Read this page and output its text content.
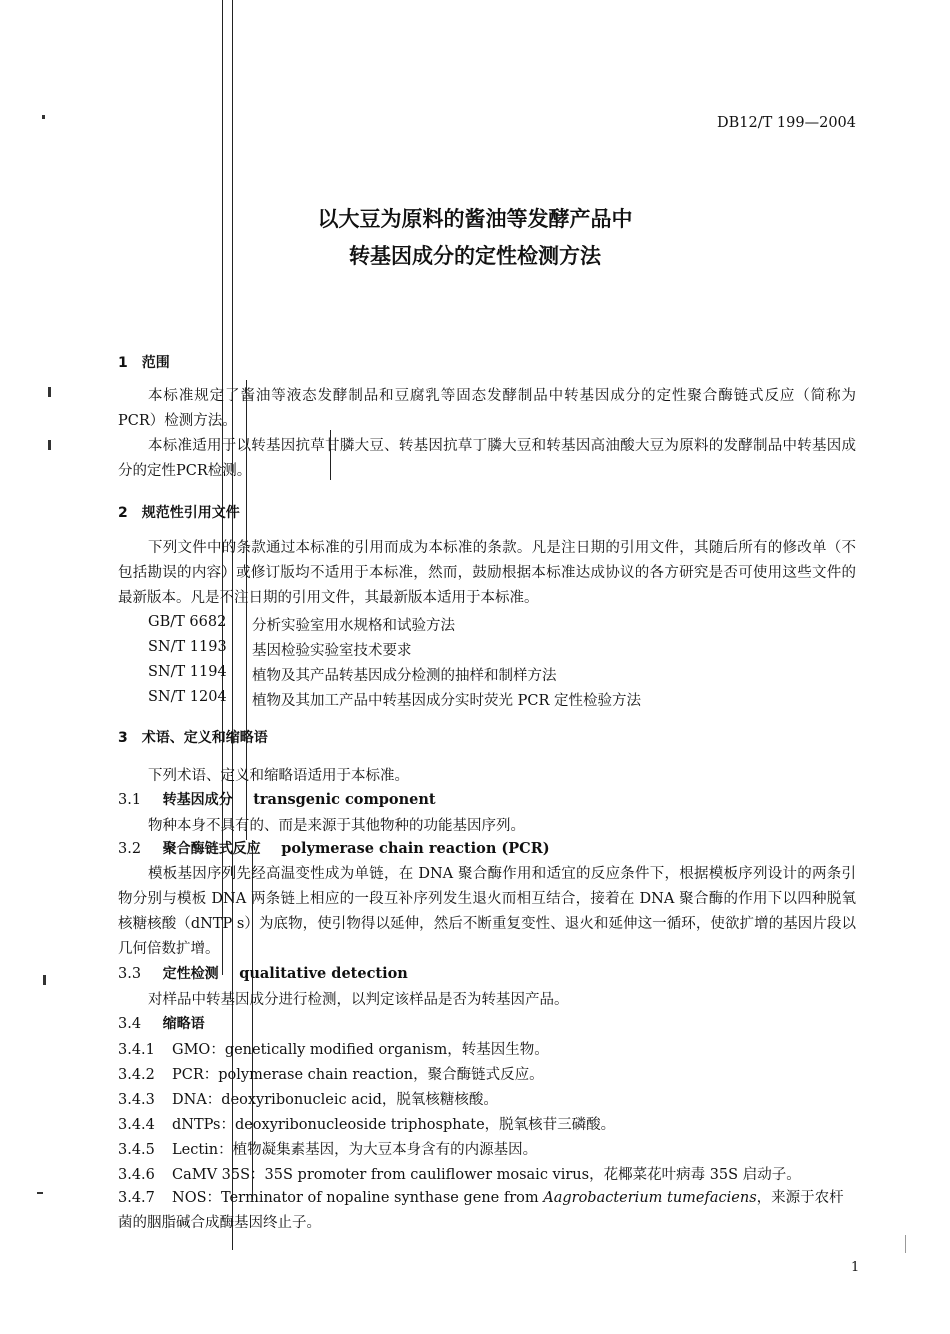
DB12/T 199—2004
以大豆为原料的酱油等发酵产品中
转基因成分的定性检测方法
1　范围
本标准规定了酱油等液态发酵制品和豆腐乳等固态发酵制品中转基因成分的定性聚合酶链式反应（简称为 PCR）检测方法。
本标准适用于以转基因抗草甘膦大豆、转基因抗草丁膦大豆和转基因高油酸大豆为原料的发酵制品中转基因成分的定性PCR检测。
2　规范性引用文件
下列文件中的条款通过本标准的引用而成为本标准的条款。凡是注日期的引用文件，其随后所有的修改单（不包括勘误的内容）或修订版均不适用于本标准，然而，鼓励根据本标准达成协议的各方研究是否可使用这些文件的最新版本。凡是不注日期的引用文件，其最新版本适用于本标准。
GB/T 6682 分析实验室用水规格和试验方法
SN/T 1193 基因检验实验室技术要求
SN/T 1194 植物及其产品转基因成分检测的抽样和制样方法
SN/T 1204 植物及其加工产品中转基因成分实时荧光 PCR 定性检验方法
3　术语、定义和缩略语
下列术语、定义和缩略语适用于本标准。
3.1 转基因成分 transgenic component
物种本身不具有的、而是来源于其他物种的功能基因序列。
3.2 聚合酶链式反应 polymerase chain reaction (PCR)
模板基因序列先经高温变性成为单链，在 DNA 聚合酶作用和适宜的反应条件下，根据模板序列设计的两条引物分别与模板 DNA 两条链上相应的一段互补序列发生退火而相互结合，接着在 DNA 聚合酶的作用下以四种脱氧核糖核酸（dNTP s）为底物，使引物得以延伸，然后不断重复变性、退火和延伸这一循环，使欲扩增的基因片段以几何倍数扩增。
3.3 定性检测 qualitative detection
对样品中转基因成分进行检测，以判定该样品是否为转基因产品。
3.4 缩略语
3.4.1 GMO：genetically modified organism，转基因生物。
3.4.2 PCR：polymerase chain reaction，聚合酶链式反应。
3.4.3 DNA：deoxyribonucleic acid，脱氧核糖核酸。
3.4.4 dNTPs：deoxyribonucleoside triphosphate，脱氧核苷三磷酸。
3.4.5 Lectin：植物凝集素基因，为大豆本身含有的内源基因。
3.4.6 CaMV 35S：35S promoter from cauliflower mosaic virus，花椰菜花叶病毒 35S 启动子。
3.4.7 NOS：Terminator of nopaline synthase gene from Aagrobacterium tumefaciens，来源于农杆菌的胭脂碱合成酶基因终止子。
1
